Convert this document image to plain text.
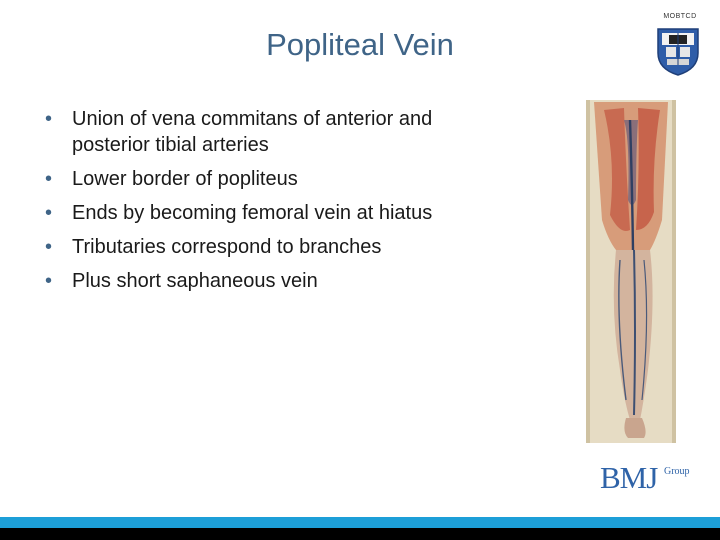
Popliteal Vein
MOBTCD
• Union of vena commitans of anterior and
posterior tibial arteries
• Lower border of popliteus
• Ends by becoming femoral vein at hiatus
• Tributaries correspond to branches
• Plus short saphaneous vein
BMJ Group
